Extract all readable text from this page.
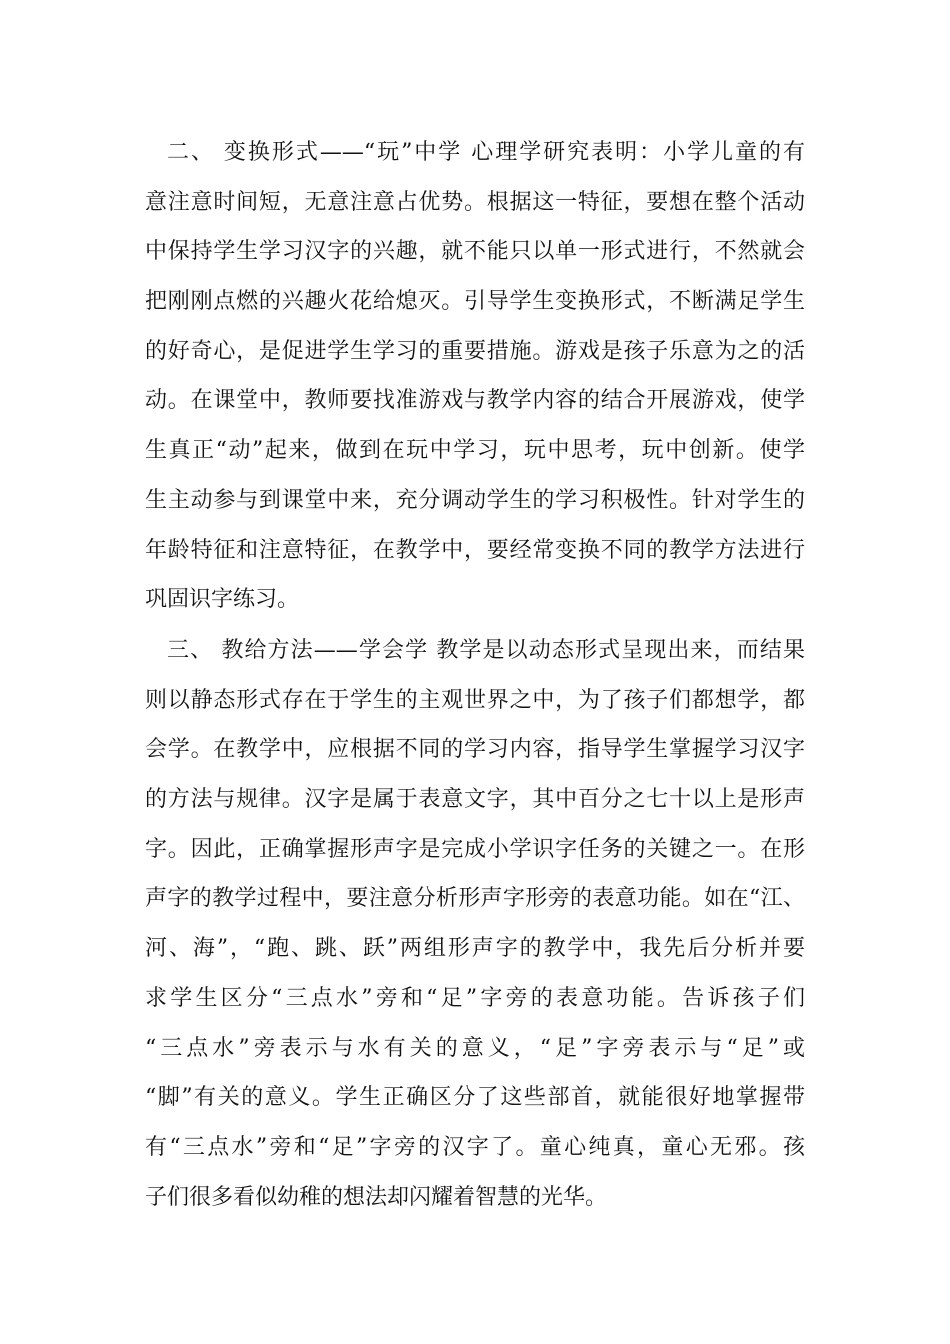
二、 变换形式——“玩”中学 心理学研究表明：小学儿童的有
意注意时间短，无意注意占优势。根据这一特征，要想在整个活动
中保持学生学习汉字的兴趣，就不能只以单一形式进行，不然就会
把刚刚点燃的兴趣火花给熄灭。引导学生变换形式，不断满足学生
的好奇心，是促进学生学习的重要措施。游戏是孩子乐意为之的活
动。在课堂中，教师要找准游戏与教学内容的结合开展游戏，使学
生真正“动”起来，做到在玩中学习，玩中思考，玩中创新。使学
生主动参与到课堂中来，充分调动学生的学习积极性。针对学生的
年龄特征和注意特征，在教学中，要经常变换不同的教学方法进行
巩固识字练习。
三、 教给方法——学会学 教学是以动态形式呈现出来，而结果
则以静态形式存在于学生的主观世界之中，为了孩子们都想学，都
会学。在教学中，应根据不同的学习内容，指导学生掌握学习汉字
的方法与规律。汉字是属于表意文字，其中百分之七十以上是形声
字。因此，正确掌握形声字是完成小学识字任务的关键之一。在形
声字的教学过程中，要注意分析形声字形旁的表意功能。如在“江、
河、海”，“跑、跳、跃”两组形声字的教学中，我先后分析并要
求学生区分“三点水”旁和“足”字旁的表意功能。告诉孩子们
“三点水”旁表示与水有关的意义，“足”字旁表示与“足”或
“脚”有关的意义。学生正确区分了这些部首，就能很好地掌握带
有“三点水”旁和“足”字旁的汉字了。童心纯真，童心无邪。孩
子们很多看似幼稚的想法却闪耀着智慧的光华。
